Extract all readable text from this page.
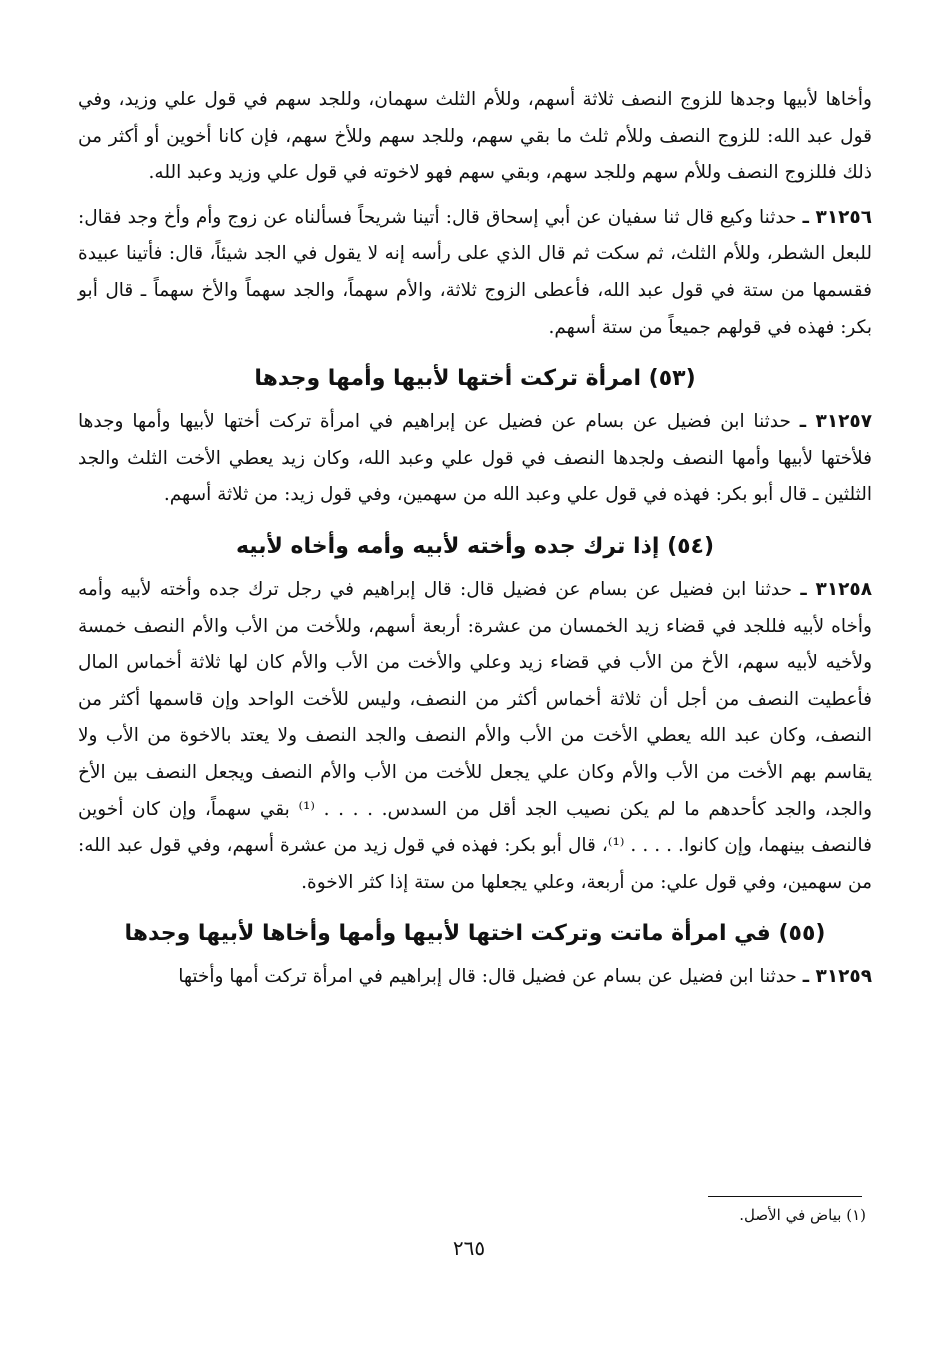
وأخاها لأبيها وجدها للزوج النصف ثلاثة أسهم، وللأم الثلث سهمان، وللجد سهم في قول علي وزيد، وفي قول عبد الله: للزوج النصف وللأم ثلث ما بقي سهم، وللجد سهم وللأخ سهم، فإن كانا أخوين أو أكثر من ذلك فللزوج النصف وللأم سهم وللجد سهم، وبقي سهم فهو لاخوته في قول علي وزيد وعبد الله.

٣١٢٥٦ ـ حدثنا وكيع قال ثنا سفيان عن أبي إسحاق قال: أتينا شريحاً فسألناه عن زوج وأم وأخ وجد فقال: للبعل الشطر، وللأم الثلث، ثم سكت ثم قال الذي على رأسه إنه لا يقول في الجد شيئاً، قال: فأتينا عبيدة فقسمها من ستة في قول عبد الله، فأعطى الزوج ثلاثة، والأم سهماً، والجد سهماً والأخ سهماً ـ قال أبو بكر: فهذه في قولهم جميعاً من ستة أسهم.

(٥٣) امرأة تركت أختها لأبيها وأمها وجدها

٣١٢٥٧ ـ حدثنا ابن فضيل عن بسام عن فضيل عن إبراهيم في امرأة تركت أختها لأبيها وأمها وجدها فلأختها لأبيها وأمها النصف ولجدها النصف في قول علي وعبد الله، وكان زيد يعطي الأخت الثلث والجد الثلثين ـ قال أبو بكر: فهذه في قول علي وعبد الله من سهمين، وفي قول زيد: من ثلاثة أسهم.

(٥٤) إذا ترك جده وأخته لأبيه وأمه وأخاه لأبيه

٣١٢٥٨ ـ حدثنا ابن فضيل عن بسام عن فضيل قال: قال إبراهيم في رجل ترك جده وأخته لأبيه وأمه وأخاه لأبيه فللجد في قضاء زيد الخمسان من عشرة: أربعة أسهم، وللأخت من الأب والأم النصف خمسة ولأخيه لأبيه سهم، الأخ من الأب في قضاء زيد وعلي والأخت من الأب والأم كان لها ثلاثة أخماس المال فأعطيت النصف من أجل أن ثلاثة أخماس أكثر من النصف، وليس للأخت الواحد وإن قاسمها أكثر من النصف، وكان عبد الله يعطي الأخت من الأب والأم النصف والجد النصف ولا يعتد بالاخوة من الأب ولا يقاسم بهم الأخت من الأب والأم وكان علي يجعل للأخت من الأب والأم النصف ويجعل النصف بين الأخ والجد، والجد كأحدهم ما لم يكن نصيب الجد أقل من السدس. . . . . ⁽¹⁾ بقي سهماً، وإن كان أخوين فالنصف بينهما، وإن كانوا. . . . . ⁽¹⁾، قال أبو بكر: فهذه في قول زيد من عشرة أسهم، وفي قول عبد الله: من سهمين، وفي قول علي: من أربعة، وعلي يجعلها من ستة إذا كثر الاخوة.

(٥٥) في امرأة ماتت وتركت اختها لأبيها وأمها وأخاها لأبيها وجدها

٣١٢٥٩ ـ حدثنا ابن فضيل عن بسام عن فضيل قال: قال إبراهيم في امرأة تركت أمها وأختها

(١) بياض في الأصل.
٢٦٥
